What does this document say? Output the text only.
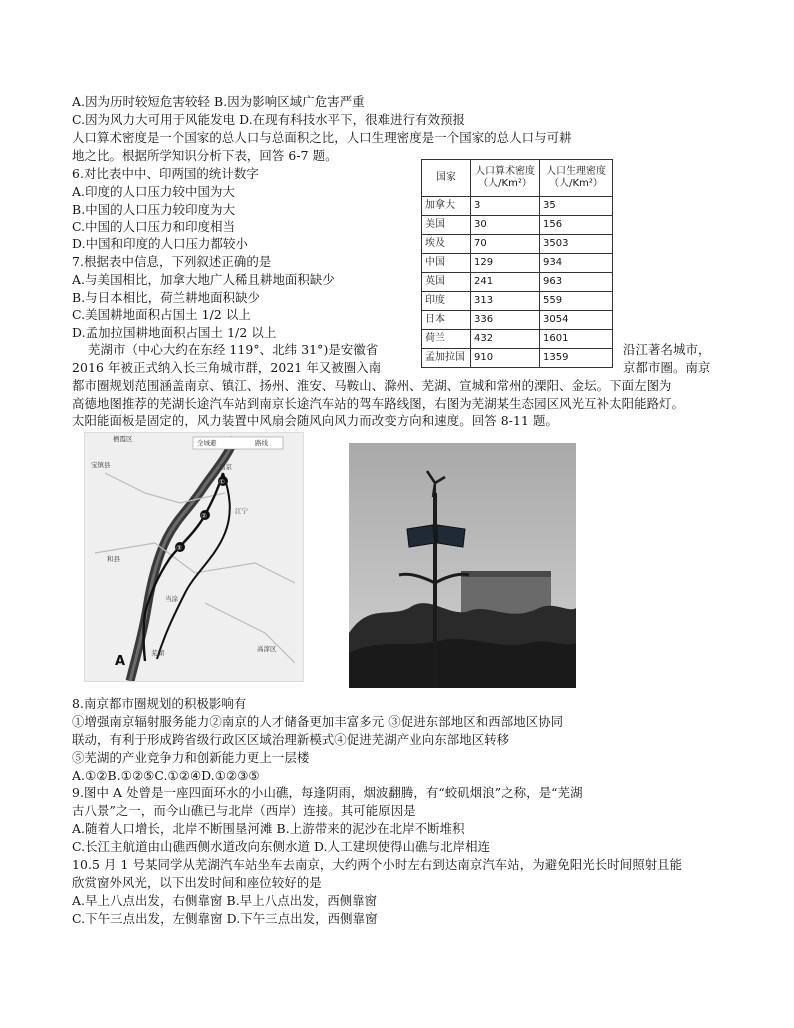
A.因为历时较短危害较轻 B.因为影响区域广危害严重
C.因为风力大可用于风能发电 D.在现有科技水平下，很难进行有效预报
人口算术密度是一个国家的总人口与总面积之比，人口生理密度是一个国家的总人口与可耕
地之比。根据所学知识分析下表，回答 6-7 题。
6.对比表中中、印两国的统计数字
A.印度的人口压力较中国为大
B.中国的人口压力较印度为大
C.中国的人口压力和印度相当
D.中国和印度的人口压力都较小
7.根据表中信息，下列叙述正确的是
A.与美国相比，加拿大地广人稀且耕地面积缺少
B.与日本相比，荷兰耕地面积缺少
C.美国耕地面积占国土 1/2 以上
D.孟加拉国耕地面积占国土 1/2 以上
芜湖市（中心大约在东经 119°、北纬 31°)是安徽省
2016 年被正式纳入长三角城市群，2021 年又被圈入南
都市圈规划范围涵盖南京、镇江、扬州、淮安、马鞍山、滁州、芜湖、宣城和常州的溧阳、金坛。下面左图为
高德地图推荐的芜湖长途汽车站到南京长途汽车站的驾车路线图，右图为芜湖某生态园区风光互补太阳能路灯。
太阳能面板是固定的，风力装置中风扇会随风向风力而改变方向和速度。回答 8-11 题。
8.南京都市圈规划的积极影响有
①增强南京辐射服务能力②南京的人才储备更加丰富多元 ③促进东部地区和西部地区协同
联动，有利于形成跨省级行政区区域治理新模式④促进芜湖产业向东部地区转移
⑤芜湖的产业竞争力和创新能力更上一层楼
A.①②B.①②⑤C.①②④D.①②③⑤
9.图中 A 处曾是一座四面环水的小山礁，每逢阴雨，烟波翻腾，有“蛟矶烟浪”之称，是“芜湖
古八景”之一，而今山礁已与北岸（西岸）连接。其可能原因是
A.随着人口增长，北岸不断围垦河滩 B.上游带来的泥沙在北岸不断堆积
C.长江主航道由山礁西侧水道改向东侧水道 D.人工建坝使得山礁与北岸相连
10.5 月 1 号某同学从芜湖汽车站坐车去南京，大约两个小时左右到达南京汽车站，为避免阳光长时间照射且能
欣赏窗外风光，以下出发时间和座位较好的是
A.早上八点出发，右侧靠窗 B.早上八点出发，西侧靠窗
C.下午三点出发，左侧靠窗 D.下午三点出发，西侧靠窗
沿江著名城市，
京都市圈。南京
国家	人口算术密度（人/Km²）	人口生理密度（人/Km²）
加拿大	3	35
美国	30	156
埃及	70	3503
中国	129	934
英国	241	963
印度	313	559
日本	336	3054
荷兰	432	1601
孟加拉国	910	1359
①
②
③
全城避	路线
栖霞区
宝镇县	南京
江宁
和县
当涂
芜湖	高淳区
A
